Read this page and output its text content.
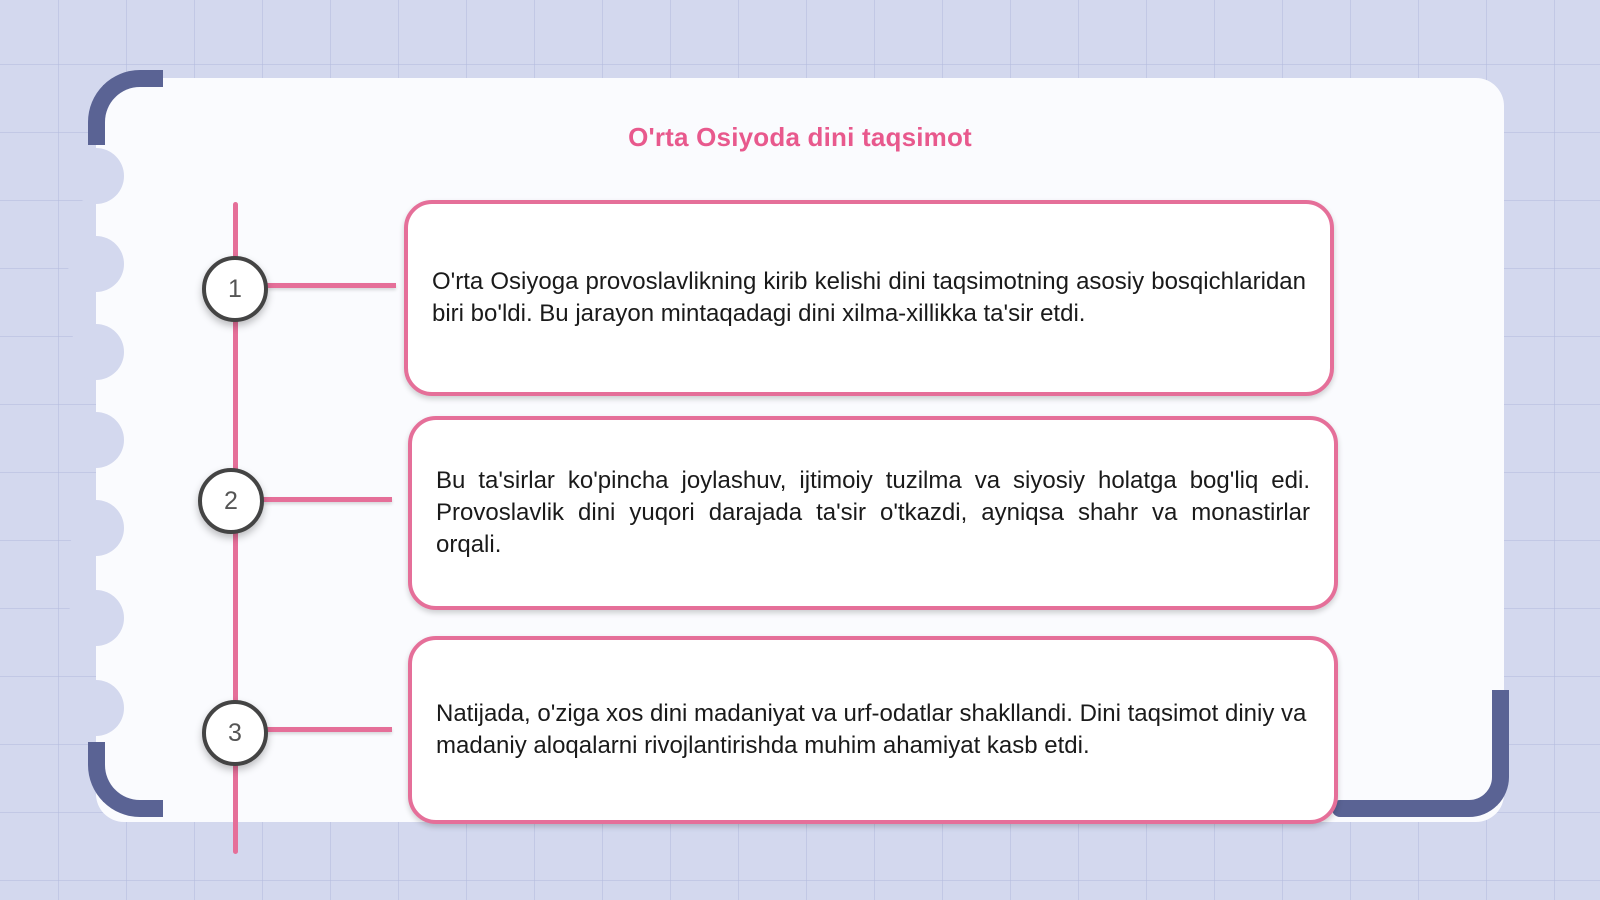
O'rta Osiyoda dini taqsimot
1
2
3

O'rta Osiyoga provoslavlikning kirib kelishi dini taqsimotning asosiy bosqichlaridan biri bo'ldi. Bu jarayon mintaqadagi dini xilma-xillikka ta'sir etdi.

Bu ta'sirlar ko'pincha joylashuv, ijtimoiy tuzilma va siyosiy holatga bog'liq edi. Provoslavlik dini yuqori darajada ta'sir o'tkazdi, ayniqsa shahr va monastirlar orqali.

Natijada, o'ziga xos dini madaniyat va urf-odatlar shakllandi. Dini taqsimot diniy va madaniy aloqalarni rivojlantirishda muhim ahamiyat kasb etdi.
